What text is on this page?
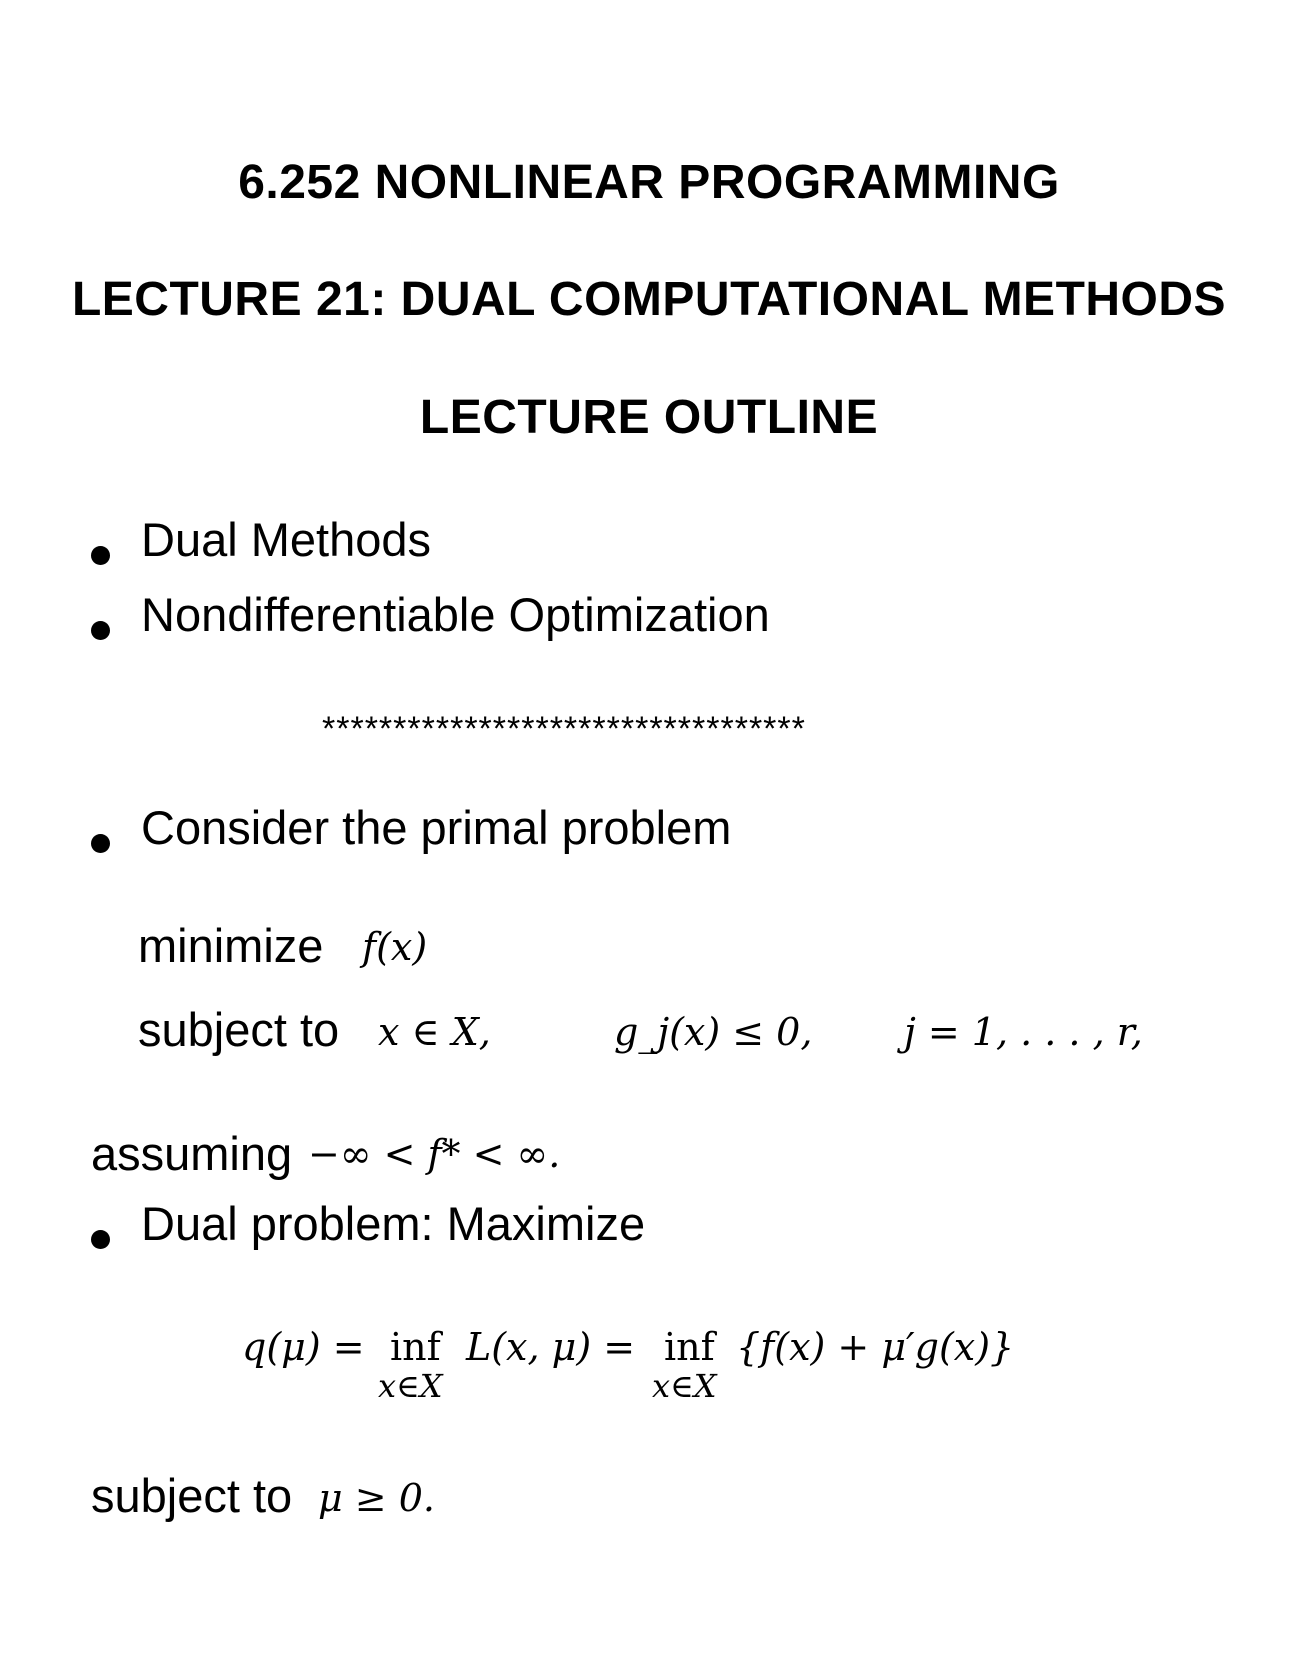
6.252 NONLINEAR PROGRAMMING
LECTURE 21: DUAL COMPUTATIONAL METHODS
LECTURE OUTLINE
Dual Methods
Nondifferentiable Optimization
**********************************
Consider the primal problem
minimize f(x)
subject to x ∈ X,	g_j(x) ≤ 0, j = 1, . . . , r,
assuming −∞ < f* < ∞.
Dual problem: Maximize
q(μ) = inf
x∈X
L(x, μ) = inf
x∈X
{f(x) + μ′g(x)}
subject to μ ≥ 0.
